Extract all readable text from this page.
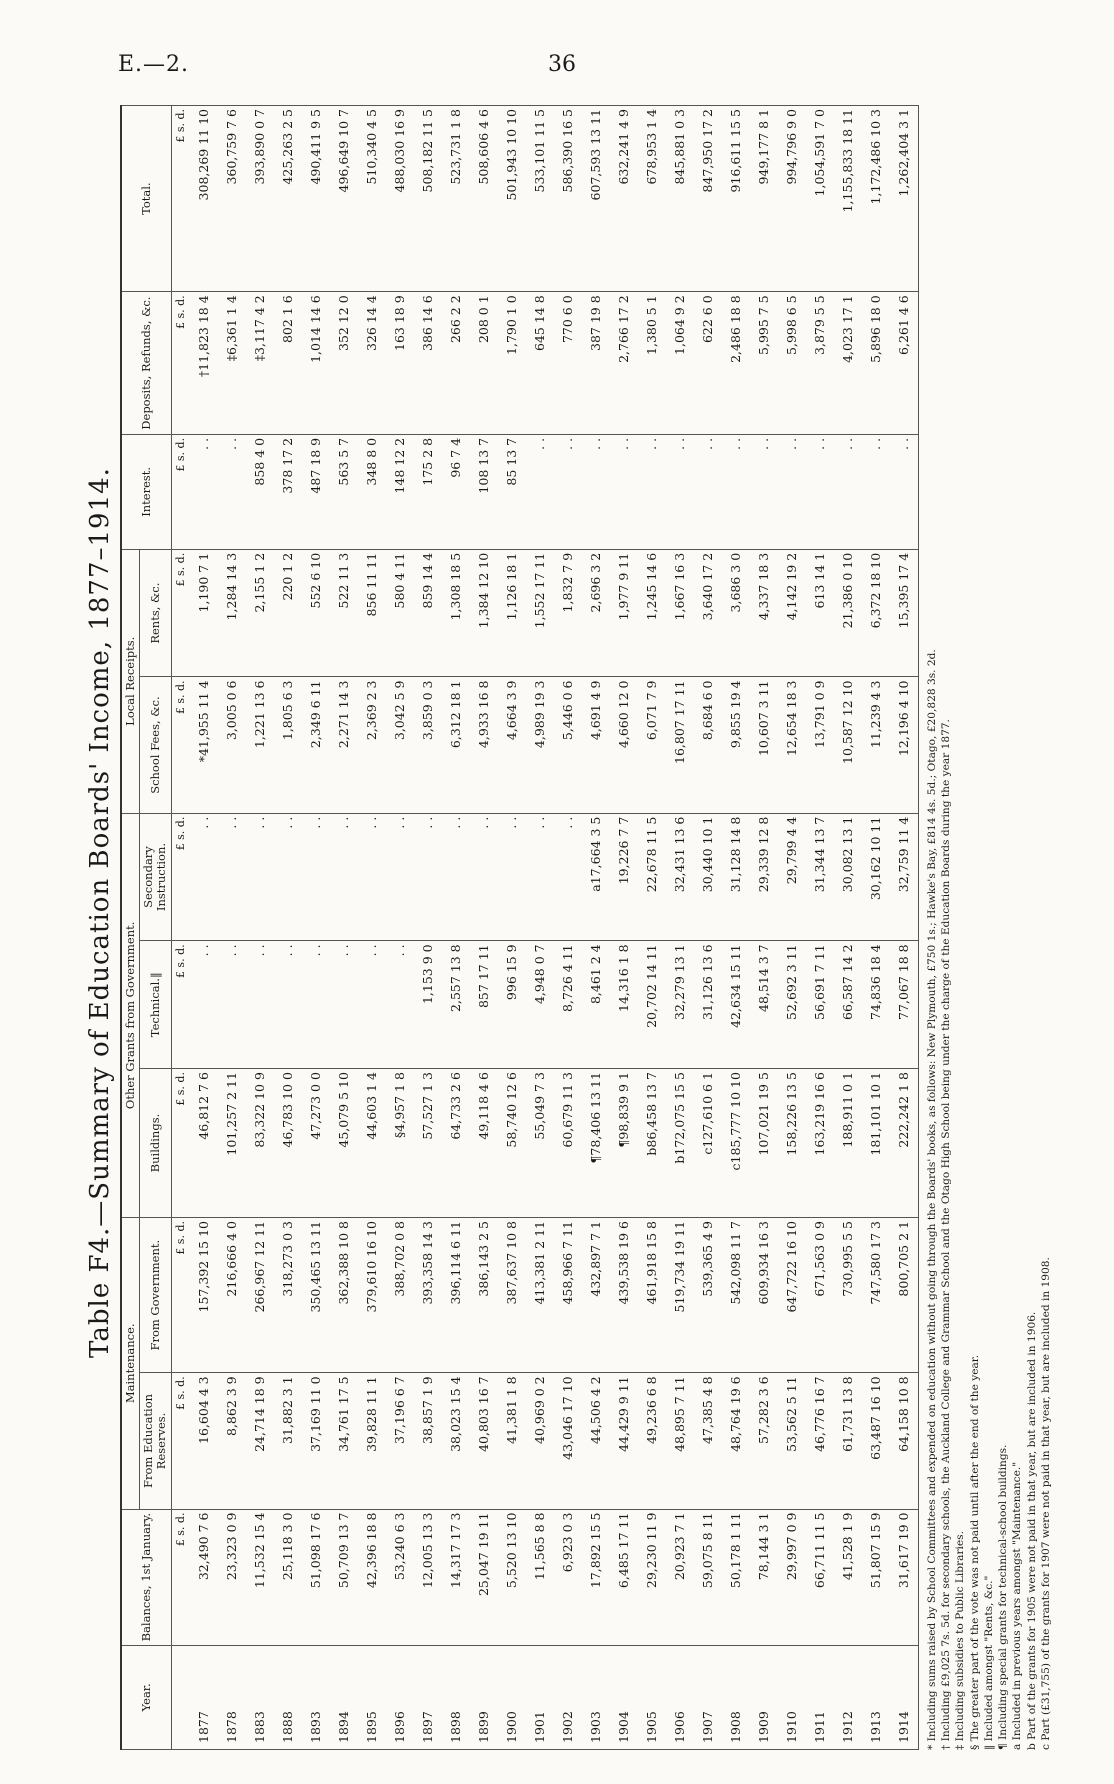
E.—2.	36
Table F4.—Summary of Education Boards' Income, 1877–1914.
Year.	Balances, 1st January.	Maintenance.		Other Grants from Government.			Local Receipts.		Interest.	Deposits, Refunds, &c.	Total.
		From Education Reserves.	From Government.	Buildings.	Technical.‖	Secondary Instruction.	School Fees, &c.	Rents, &c.			
	£ s. d.	£ s. d.	£ s. d.	£ s. d.	£ s. d.	£ s. d.	£ s. d.	£ s. d.	£ s. d.	£ s. d.	£ s. d.
1877	32,490 7 6	16,604 4 3	157,392 15 10	46,812 7 6	. .	. .	*41,955 11 4	1,190 7 1	. .	†11,823 18 4	308,269 11 10
1878	23,323 0 9	8,862 3 9	216,666 4 0	101,257 2 11	. .	. .	3,005 0 6	1,284 14 3	. .	‡6,361 1 4	360,759 7 6
1883	11,532 15 4	24,714 18 9	266,967 12 11	83,322 10 9	. .	. .	1,221 13 6	2,155 1 2	858 4 0	‡3,117 4 2	393,890 0 7
1888	25,118 3 0	31,882 3 1	318,273 0 3	46,783 10 0	. .	. .	1,805 6 3	220 1 2	378 17 2	802 1 6	425,263 2 5
1893	51,098 17 6	37,169 11 0	350,465 13 11	47,273 0 0	. .	. .	2,349 6 11	552 6 10	487 18 9	1,014 14 6	490,411 9 5
1894	50,709 13 7	34,761 17 5	362,388 10 8	45,079 5 10	. .	. .	2,271 14 3	522 11 3	563 5 7	352 12 0	496,649 10 7
1895	42,396 18 8	39,828 11 1	379,610 16 10	44,603 1 4	. .	. .	2,369 2 3	856 11 11	348 8 0	326 14 4	510,340 4 5
1896	53,240 6 3	37,196 6 7	388,702 0 8	§4,957 1 8	. .	. .	3,042 5 9	580 4 11	148 12 2	163 18 9	488,030 16 9
1897	12,005 13 3	38,857 1 9	393,358 14 3	57,527 1 3	1,153 9 0	. .	3,859 0 3	859 14 4	175 2 8	386 14 6	508,182 11 5
1898	14,317 17 3	38,023 15 4	396,114 6 11	64,733 2 6	2,557 13 8	. .	6,312 18 1	1,308 18 5	96 7 4	266 2 2	523,731 1 8
1899	25,047 19 11	40,803 16 7	386,143 2 5	49,118 4 6	857 17 11	. .	4,933 16 8	1,384 12 10	108 13 7	208 0 1	508,606 4 6
1900	5,520 13 10	41,381 1 8	387,637 10 8	58,740 12 6	996 15 9	. .	4,664 3 9	1,126 18 1	85 13 7	1,790 1 0	501,943 10 10
1901	11,565 8 8	40,969 0 2	413,381 2 11	55,049 7 3	4,948 0 7	. .	4,989 19 3	1,552 17 11	. .	645 14 8	533,101 11 5
1902	6,923 0 3	43,046 17 10	458,966 7 11	60,679 11 3	8,726 4 11	. .	5,446 0 6	1,832 7 9	. .	770 6 0	586,390 16 5
1903	17,892 15 5	44,506 4 2	432,897 7 1	¶78,406 13 11	8,461 2 4	a17,664 3 5	4,691 4 9	2,696 3 2	. .	387 19 8	607,593 13 11
1904	6,485 17 11	44,429 9 11	439,538 19 6	¶98,839 9 1	14,316 1 8	19,226 7 7	4,660 12 0	1,977 9 11	. .	2,766 17 2	632,241 4 9
1905	29,230 11 9	49,236 6 8	461,918 15 8	b86,458 13 7	20,702 14 11	22,678 11 5	6,071 7 9	1,245 14 6	. .	1,380 5 1	678,953 1 4
1906	20,923 7 1	48,895 7 11	519,734 19 11	b172,075 15 5	32,279 13 1	32,431 13 6	16,807 17 11	1,667 16 3	. .	1,064 9 2	845,881 0 3
1907	59,075 8 11	47,385 4 8	539,365 4 9	c127,610 6 1	31,126 13 6	30,440 10 1	8,684 6 0	3,640 17 2	. .	622 6 0	847,950 17 2
1908	50,178 1 11	48,764 19 6	542,098 11 7	c185,777 10 10	42,634 15 11	31,128 14 8	9,855 19 4	3,686 3 0	. .	2,486 18 8	916,611 15 5
1909	78,144 3 1	57,282 3 6	609,934 16 3	107,021 19 5	48,514 3 7	29,339 12 8	10,607 3 11	4,337 18 3	. .	5,995 7 5	949,177 8 1
1910	29,997 0 9	53,562 5 11	647,722 16 10	158,226 13 5	52,692 3 11	29,799 4 4	12,654 18 3	4,142 19 2	. .	5,998 6 5	994,796 9 0
1911	66,711 11 5	46,776 16 7	671,563 0 9	163,219 16 6	56,691 7 11	31,344 13 7	13,791 0 9	613 14 1	. .	3,879 5 5	1,054,591 7 0
1912	41,528 1 9	61,731 13 8	730,995 5 5	188,911 0 1	66,587 14 2	30,082 13 1	10,587 12 10	21,386 0 10	. .	4,023 17 1	1,155,833 18 11
1913	51,807 15 9	63,487 16 10	747,580 17 3	181,101 10 1	74,836 18 4	30,162 10 11	11,239 4 3	6,372 18 10	. .	5,896 18 0	1,172,486 10 3
1914	31,617 19 0	64,158 10 8	800,705 2 1	222,242 1 8	77,067 18 8	32,759 11 4	12,196 4 10	15,395 17 4	. .	6,261 4 6	1,262,404 3 1

* Including sums raised by School Committees and expended on education without going through the Boards' books, as follows: New Plymouth, £750 1s.; Hawke's Bay, £814 4s. 5d.; Otago, £20,828 3s. 2d. † Including £9,025 7s. 5d. for secondary schools, the Auckland College and Grammar School and the Otago High School being under the charge of the Education Boards during the year 1877. ‡ Including subsidies to Public Libraries. § The greater part of the vote was not paid until after the end of the year. ‖ Included amongst "Rents, &c." ¶ Including special grants for technical-school buildings. a Included in previous years amongst "Maintenance." b Part of the grants for 1905 were not paid in that year, but are included in 1906. c Part (£31,755) of the grants for 1907 were not paid in that year, but are included in 1908.
